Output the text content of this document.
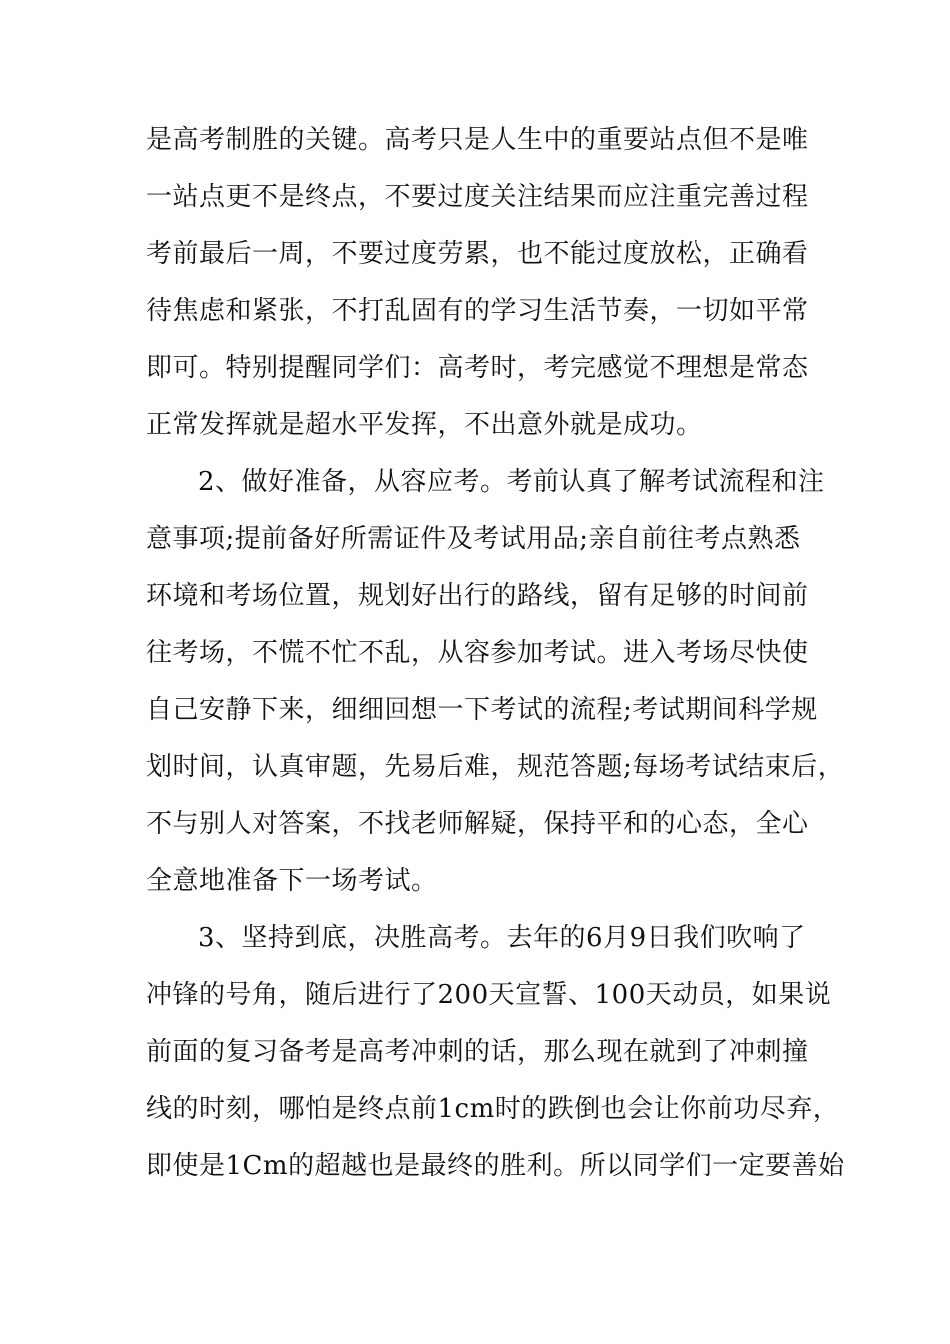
是高考制胜的关键。高考只是人生中的重要站点但不是唯
一站点更不是终点，不要过度关注结果而应注重完善过程
考前最后一周，不要过度劳累，也不能过度放松，正确看
待焦虑和紧张，不打乱固有的学习生活节奏，一切如平常
即可。特别提醒同学们：高考时，考完感觉不理想是常态
正常发挥就是超水平发挥，不出意外就是成功。
2、做好准备，从容应考。考前认真了解考试流程和注
意事项;提前备好所需证件及考试用品;亲自前往考点熟悉
环境和考场位置，规划好出行的路线，留有足够的时间前
往考场，不慌不忙不乱，从容参加考试。进入考场尽快使
自己安静下来，细细回想一下考试的流程;考试期间科学规
划时间，认真审题，先易后难，规范答题;每场考试结束后，
不与别人对答案，不找老师解疑，保持平和的心态，全心
全意地准备下一场考试。
3、坚持到底，决胜高考。去年的6月9日我们吹响了
冲锋的号角，随后进行了200天宣誓、100天动员，如果说
前面的复习备考是高考冲刺的话，那么现在就到了冲刺撞
线的时刻，哪怕是终点前1cm时的跌倒也会让你前功尽弃，
即使是1Cm的超越也是最终的胜利。所以同学们一定要善始
